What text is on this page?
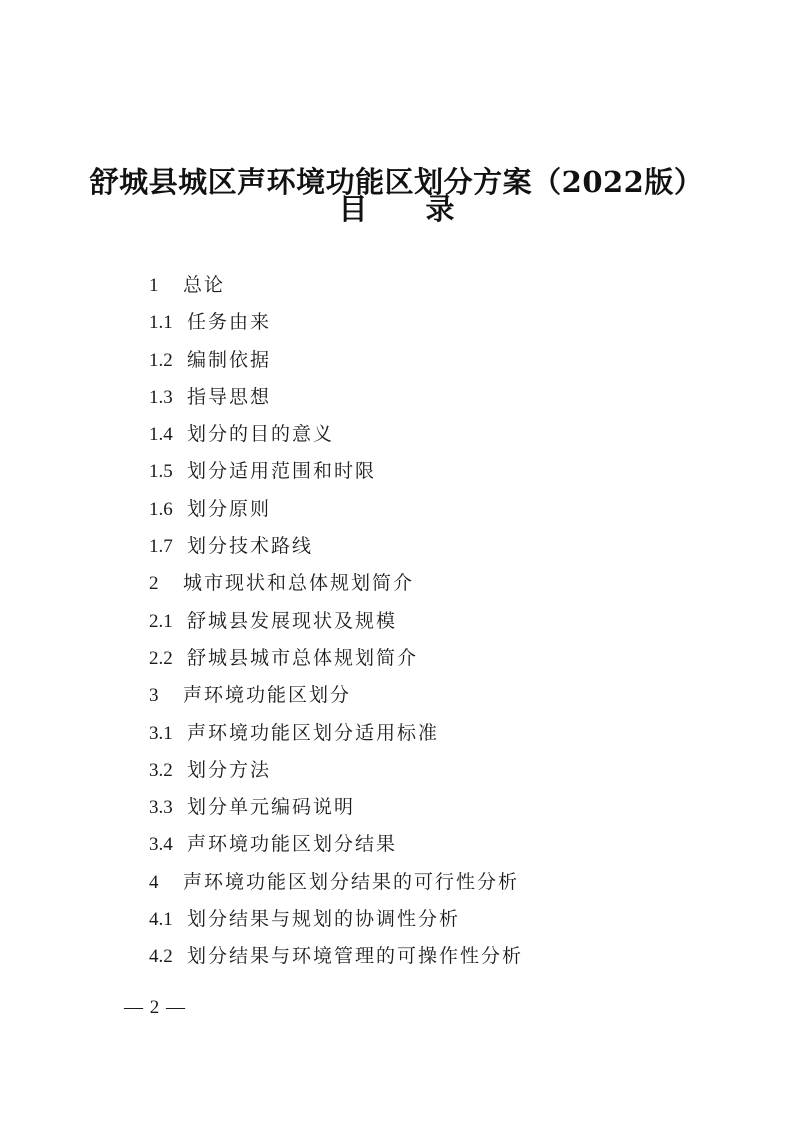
舒城县城区声环境功能区划分方案（2022版）
目 录
1 总论
1.1 任务由来
1.2 编制依据
1.3 指导思想
1.4 划分的目的意义
1.5 划分适用范围和时限
1.6 划分原则
1.7 划分技术路线
2 城市现状和总体规划简介
2.1 舒城县发展现状及规模
2.2 舒城县城市总体规划简介
3 声环境功能区划分
3.1 声环境功能区划分适用标准
3.2 划分方法
3.3 划分单元编码说明
3.4 声环境功能区划分结果
4 声环境功能区划分结果的可行性分析
4.1 划分结果与规划的协调性分析
4.2 划分结果与环境管理的可操作性分析
— 2 —
